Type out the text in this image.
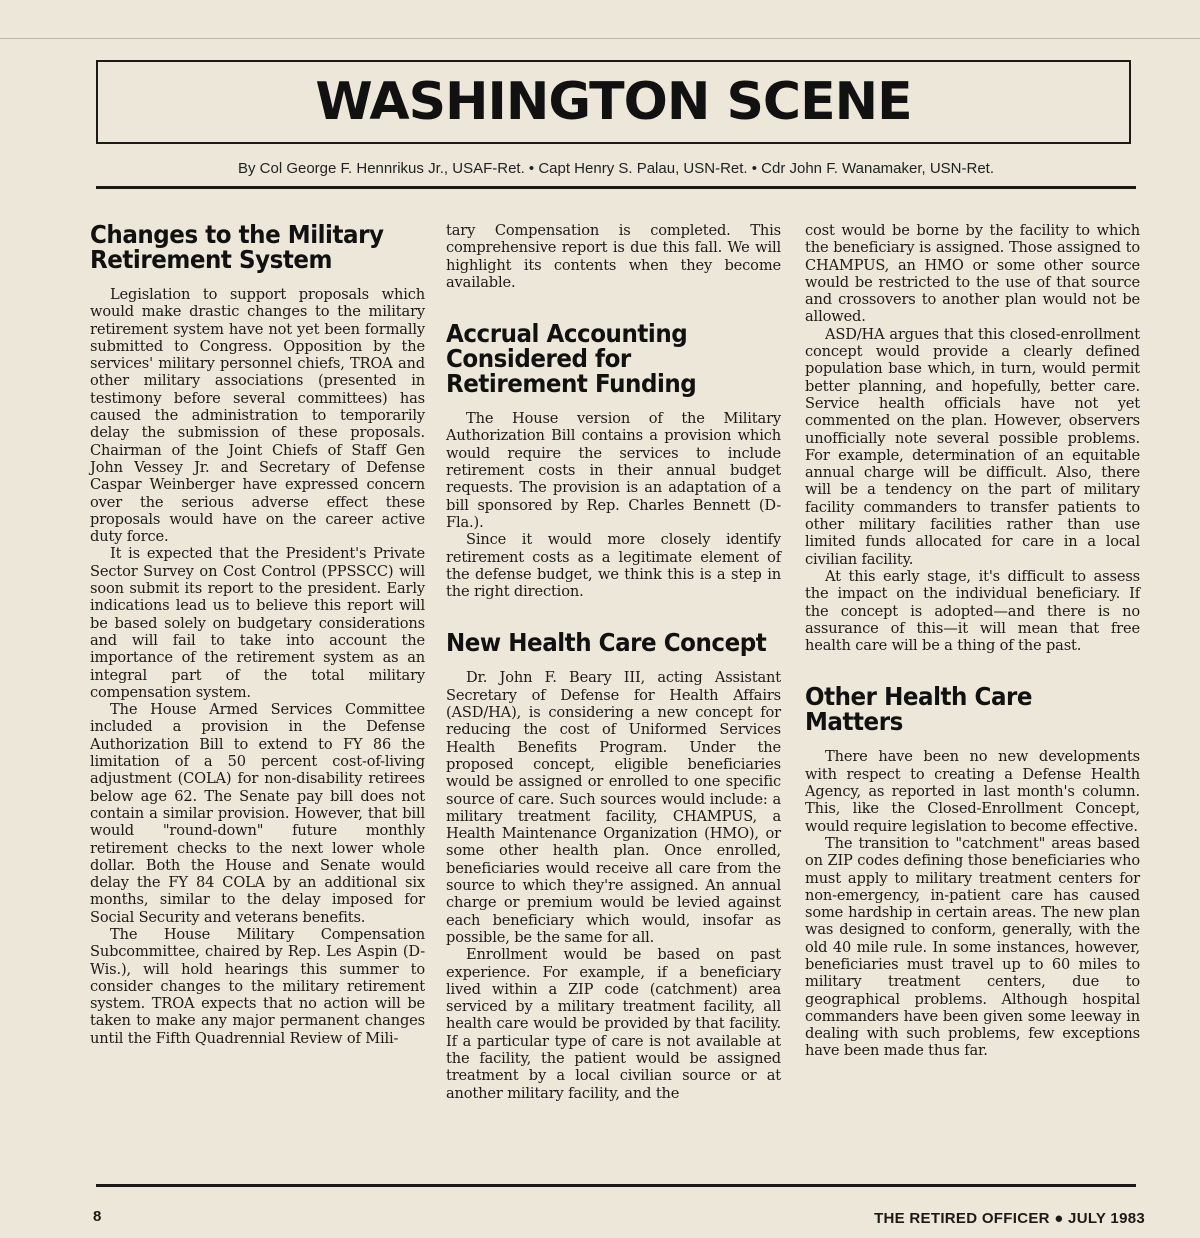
WASHINGTON SCENE
By Col George F. Hennrikus Jr., USAF-Ret. • Capt Henry S. Palau, USN-Ret. • Cdr John F. Wanamaker, USN-Ret.
Changes to the Military Retirement System

Legislation to support proposals which would make drastic changes to the military retirement system have not yet been formally submitted to Congress. Opposition by the services' military personnel chiefs, TROA and other military associations (presented in testimony before several committees) has caused the administration to temporarily delay the submission of these proposals. Chairman of the Joint Chiefs of Staff Gen John Vessey Jr. and Secretary of Defense Caspar Weinberger have expressed concern over the serious adverse effect these proposals would have on the career active duty force.

It is expected that the President's Private Sector Survey on Cost Control (PPSSCC) will soon submit its report to the president. Early indications lead us to believe this report will be based solely on budgetary considerations and will fail to take into account the importance of the retirement system as an integral part of the total military compensation system.

The House Armed Services Committee included a provision in the Defense Authorization Bill to extend to FY 86 the limitation of a 50 percent cost-of-living adjustment (COLA) for non-disability retirees below age 62. The Senate pay bill does not contain a similar provision. However, that bill would "round-down" future monthly retirement checks to the next lower whole dollar. Both the House and Senate would delay the FY 84 COLA by an additional six months, similar to the delay imposed for Social Security and veterans benefits.

The House Military Compensation Subcommittee, chaired by Rep. Les Aspin (D-Wis.), will hold hearings this summer to consider changes to the military retirement system. TROA expects that no action will be taken to make any major permanent changes until the Fifth Quadrennial Review of Mili-

tary Compensation is completed. This comprehensive report is due this fall. We will highlight its contents when they become available.

Accrual Accounting Considered for Retirement Funding

The House version of the Military Authorization Bill contains a provision which would require the services to include retirement costs in their annual budget requests. The provision is an adaptation of a bill sponsored by Rep. Charles Bennett (D-Fla.).

Since it would more closely identify retirement costs as a legitimate element of the defense budget, we think this is a step in the right direction.

New Health Care Concept

Dr. John F. Beary III, acting Assistant Secretary of Defense for Health Affairs (ASD/HA), is considering a new concept for reducing the cost of Uniformed Services Health Benefits Program. Under the proposed concept, eligible beneficiaries would be assigned or enrolled to one specific source of care. Such sources would include: a military treatment facility, CHAMPUS, a Health Maintenance Organization (HMO), or some other health plan. Once enrolled, beneficiaries would receive all care from the source to which they're assigned. An annual charge or premium would be levied against each beneficiary which would, insofar as possible, be the same for all.

Enrollment would be based on past experience. For example, if a beneficiary lived within a ZIP code (catchment) area serviced by a military treatment facility, all health care would be provided by that facility. If a particular type of care is not available at the facility, the patient would be assigned treatment by a local civilian source or at another military facility, and the

cost would be borne by the facility to which the beneficiary is assigned. Those assigned to CHAMPUS, an HMO or some other source would be restricted to the use of that source and crossovers to another plan would not be allowed.

ASD/HA argues that this closed-enrollment concept would provide a clearly defined population base which, in turn, would permit better planning, and hopefully, better care. Service health officials have not yet commented on the plan. However, observers unofficially note several possible problems. For example, determination of an equitable annual charge will be difficult. Also, there will be a tendency on the part of military facility commanders to transfer patients to other military facilities rather than use limited funds allocated for care in a local civilian facility.

At this early stage, it's difficult to assess the impact on the individual beneficiary. If the concept is adopted—and there is no assurance of this—it will mean that free health care will be a thing of the past.

Other Health Care Matters

There have been no new developments with respect to creating a Defense Health Agency, as reported in last month's column. This, like the Closed-Enrollment Concept, would require legislation to become effective.

The transition to "catchment" areas based on ZIP codes defining those beneficiaries who must apply to military treatment centers for non-emergency, in-patient care has caused some hardship in certain areas. The new plan was designed to conform, generally, with the old 40 mile rule. In some instances, however, beneficiaries must travel up to 60 miles to military treatment centers, due to geographical problems. Although hospital commanders have been given some leeway in dealing with such problems, few exceptions have been made thus far.

8	THE RETIRED OFFICER ● JULY 1983
